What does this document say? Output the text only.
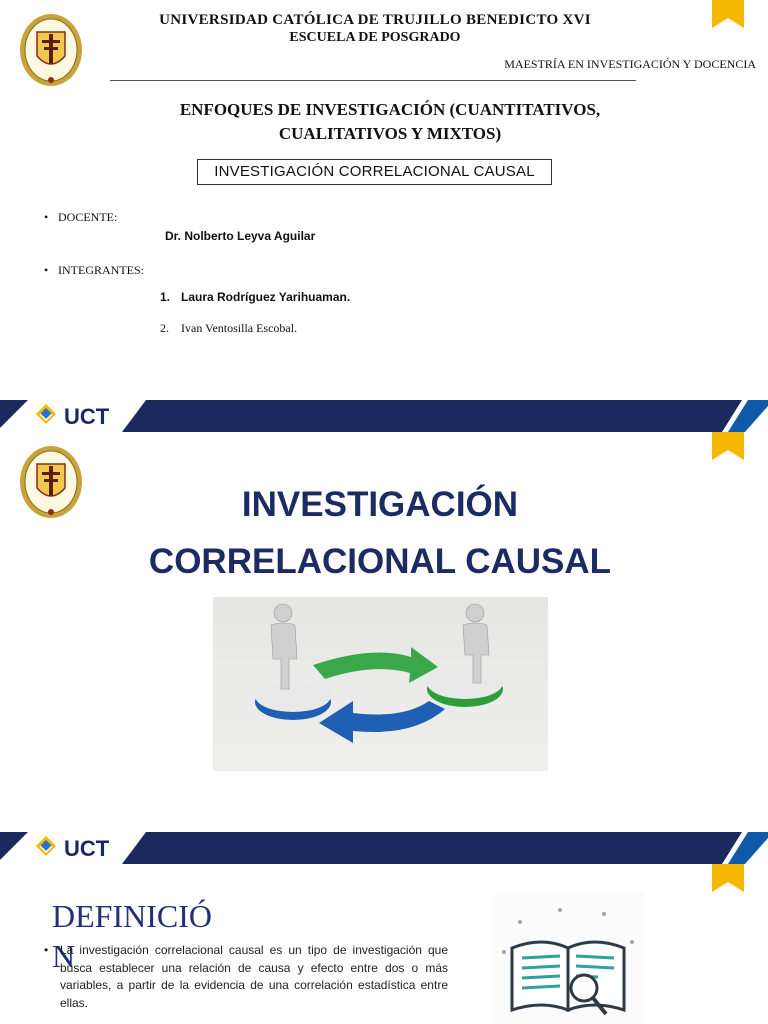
UNIVERSIDAD CATÓLICA DE TRUJILLO BENEDICTO XVI
ESCUELA DE POSGRADO
MAESTRÍA EN INVESTIGACIÓN Y DOCENCIA
ENFOQUES DE INVESTIGACIÓN (CUANTITATIVOS,
CUALITATIVOS Y MIXTOS)
INVESTIGACIÓN CORRELACIONAL CAUSAL
• DOCENTE:
Dr. Nolberto Leyva Aguilar
• INTEGRANTES:
1. Laura Rodríguez Yarihuaman.
2. Ivan Ventosilla Escobal.
UCT
INVESTIGACIÓN
CORRELACIONAL CAUSAL
UCT
DEFINICIÓ
N
• La investigación correlacional causal es un tipo de investigación que busca establecer una relación de causa y efecto entre dos o más variables, a partir de la evidencia de una correlación estadística entre ellas.
